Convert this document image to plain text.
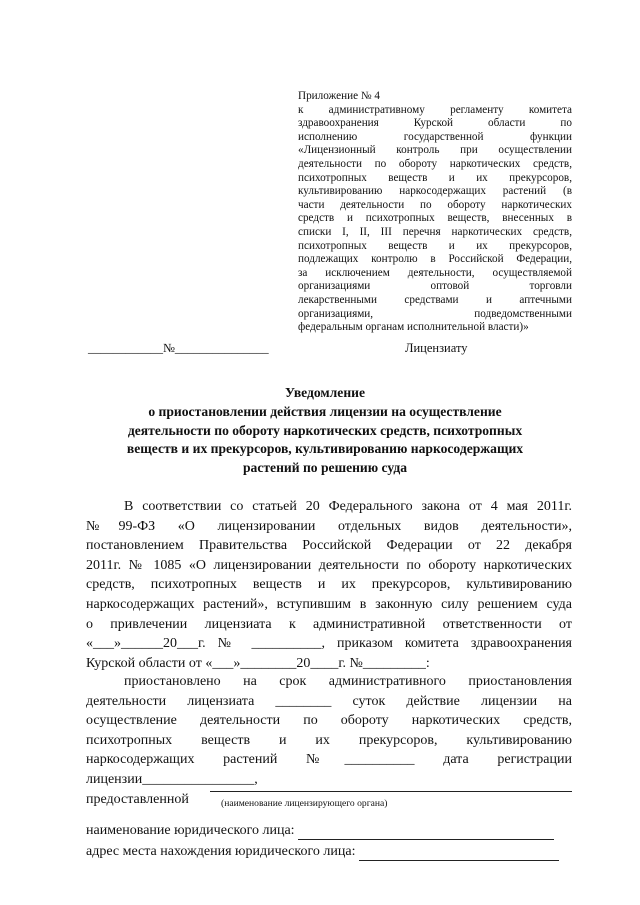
Приложение № 4
к административному регламенту комитета
здравоохранения Курской области по
исполнению государственной функции
«Лицензионный контроль при осуществлении
деятельности по обороту наркотических средств,
психотропных веществ и их прекурсоров,
культивированию наркосодержащих растений (в
части деятельности по обороту наркотических
средств и психотропных веществ, внесенных в
списки I, II, III перечня наркотических средств,
психотропных веществ и их прекурсоров,
подлежащих контролю в Российской Федерации,
за исключением деятельности, осуществляемой
организациями оптовой торговли
лекарственными средствами и аптечными
организациями, подведомственными
федеральным органам исполнительной власти)»
____________№_______________	Лицензиату
Уведомление
о приостановлении действия лицензии на осуществление
деятельности по обороту наркотических средств, психотропных
веществ и их прекурсоров, культивированию наркосодержащих
растений по решению суда
В соответствии со статьей 20 Федерального закона от 4 мая 2011г.
№99-ФЗ «О лицензировании отдельных видов деятельности»,
постановлением Правительства Российской Федерации от 22 декабря
2011г. № 1085 «О лицензировании деятельности по обороту наркотических
средств, психотропных веществ и их прекурсоров, культивированию
наркосодержащих растений», вступившим в законную силу решением суда
о привлечении лицензиата к административной ответственности от
«___»______20___г. № __________, приказом комитета здравоохранения
Курской области от «___»________20____г. №_________:
приостановлено на срок административного приостановления
деятельности лицензиата ________ суток действие лицензии на
осуществление деятельности по обороту наркотических средств,
психотропных веществ и их прекурсоров, культивированию
наркосодержащих растений №__________ дата регистрации
лицензии________________,
предоставленной	(наименование лицензирующего органа)
наименование юридического лица:
адрес места нахождения юридического лица:
